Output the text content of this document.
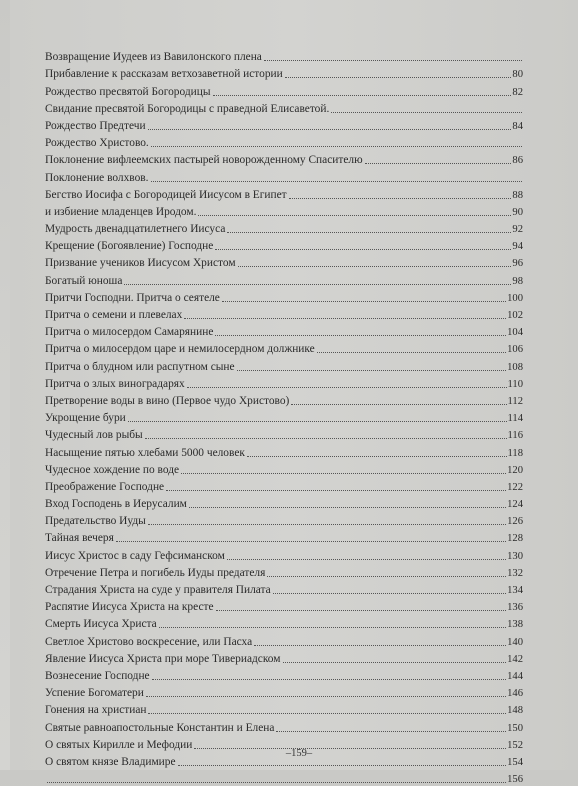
Возвращение Иудеев из Вавилонского плена
Прибавление к рассказам ветхозаветной истории	80
Рождество пресвятой Богородицы	82
Свидание пресвятой Богородицы с праведной Елисаветой.
Рождество Предтечи	84
Рождество Христово.
Поклонение вифлеемских пастырей новорожденному Спасителю	86
Поклонение волхвов.
Бегство Иосифа с Богородицей Иисусом в Египет	88
и избиение младенцев Иродом.	90
Мудрость двенадцатилетнего Иисуса	92
Крещение (Богоявление) Господне	94
Призвание учеников Иисусом Христом	96
Богатый юноша	98
Притчи Господни. Притча о сеятеле	100
Притча о семени и плевелах	102
Притча о милосердом Самарянине	104
Притча о милосердом царе и немилосердном должнике	106
Притча о блудном или распутном сыне	108
Притча о злых виноградарях	110
Претворение воды в вино (Первое чудо Христово)	112
Укрощение бури	114
Чудесный лов рыбы	116
Насыщение пятью хлебами 5000 человек	118
Чудесное хождение по воде	120
Преображение Господне	122
Вход Господень в Иерусалим	124
Предательство Иуды	126
Тайная вечеря	128
Иисус Христос в саду Гефсиманском	130
Отречение Петра и погибель Иуды предателя	132
Страдания Христа на суде у правителя Пилата	134
Распятие Иисуса Христа на кресте	136
Смерть Иисуса Христа	138
Светлое Христово воскресение, или Пасха	140
Явление Иисуса Христа при море Тивериадском	142
Вознесение Господне	144
Успение Богоматери	146
Гонения на христиан	148
Святые равноапостольные Константин и Елена	150
О святых Кирилле и Мефодии	152
О святом князе Владимире	154
156
–159–
